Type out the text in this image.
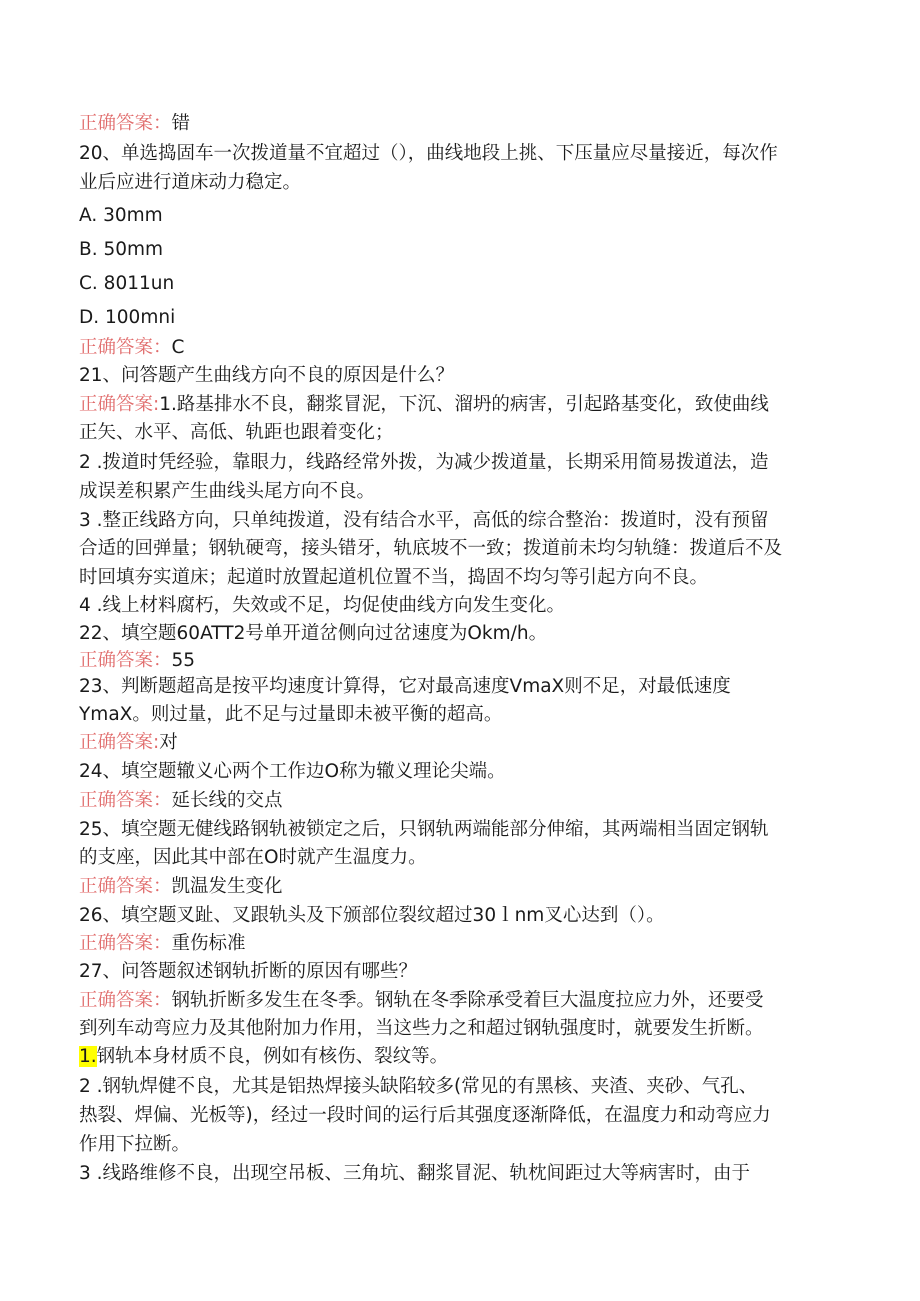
正确答案：错

20、单选捣固车一次拨道量不宜超过（），曲线地段上挑、下压量应尽量接近，每次作

业后应进行道床动力稳定。

A. 30mm

B. 50mm

C. 8011un

D. 100mni

正确答案：C

21、问答题产生曲线方向不良的原因是什么？

正确答案:1.路基排水不良，翻浆冒泥，下沉、溜坍的病害，引起路基变化，致使曲线

正矢、水平、高低、轨距也跟着变化；

2 .拨道时凭经验，靠眼力，线路经常外拨，为减少拨道量，长期采用简易拨道法，造

成误差积累产生曲线头尾方向不良。

3 .整正线路方向，只单纯拨道，没有结合水平，高低的综合整治：拨道时，没有预留

合适的回弹量；钢轨硬弯，接头错牙，轨底坡不一致；拨道前未均匀轨缝：拨道后不及

时回填夯实道床；起道时放置起道机位置不当，捣固不均匀等引起方向不良。

4 .线上材料腐朽，失效或不足，均促使曲线方向发生变化。

22、填空题60ATT2号单开道岔侧向过岔速度为Okm/h。

正确答案：55

23、判断题超高是按平均速度计算得，它对最高速度VmaX则不足，对最低速度

YmaX。则过量，此不足与过量即未被平衡的超高。

正确答案:对

24、填空题辙义心两个工作边O称为辙义理论尖端。

正确答案：延长线的交点

25、填空题无健线路钢轨被锁定之后，只钢轨两端能部分伸缩，其两端相当固定钢轨

的支座，因此其中部在O时就产生温度力。

正确答案：凯温发生变化

26、填空题叉趾、叉跟轨头及下颁部位裂纹超过30ｌnm叉心达到（）。

正确答案：重伤标准

27、问答题叙述钢轨折断的原因有哪些？

正确答案：钢轨折断多发生在冬季。钢轨在冬季除承受着巨大温度拉应力外，还要受

到列车动弯应力及其他附加力作用，当这些力之和超过钢轨强度时，就要发生折断。

1.钢轨本身材质不良，例如有核伤、裂纹等。

2 .钢轨焊健不良，尤其是铝热焊接头缺陷较多(常见的有黑核、夹渣、夹砂、气孔、

热裂、焊偏、光板等)，经过一段时间的运行后其强度逐渐降低，在温度力和动弯应力

作用下拉断。

3 .线路维修不良，出现空吊板、三角坑、翻浆冒泥、轨枕间距过大等病害时，由于
